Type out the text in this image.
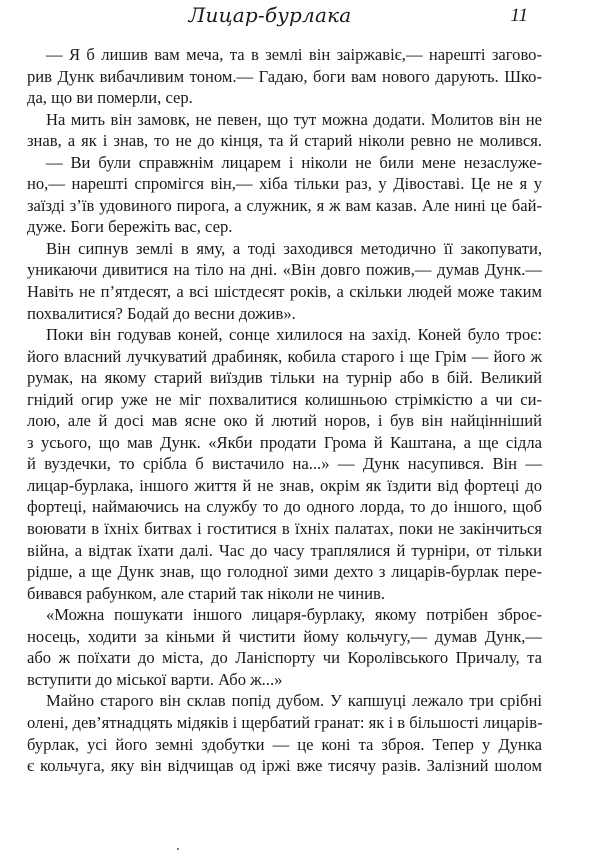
Лицар-бурлака	11
— Я б лишив вам меча, та в землі він заіржавіє,— нарешті загово-
рив Дунк вибачливим тоном.— Гадаю, боги вам нового дарують. Шко-
да, що ви померли, сер.
На мить він замовк, не певен, що тут можна додати. Молитов він не
знав, а як і знав, то не до кінця, та й старий ніколи ревно не молився.
— Ви були справжнім лицарем і ніколи не били мене незаслуже-
но,— нарешті спромігся він,— хіба тільки раз, у Дівоставі. Це не я у
заїзді з’їв удовиного пирога, а служник, я ж вам казав. Але нині це бай-
дуже. Боги бережіть вас, сер.
Він сипнув землі в яму, а тоді заходився методично її закопувати,
уникаючи дивитися на тіло на дні. «Він довго пожив,— думав Дунк.—
Навіть не п’ятдесят, а всі шістдесят років, а скільки людей може таким
похвалитися? Бодай до весни дожив».
Поки він годував коней, сонце хилилося на захід. Коней було троє:
його власний лучкуватий драбиняк, кобила старого і ще Грім — його ж
румак, на якому старий виїздив тільки на турнір або в бій. Великий
гнідий огир уже не міг похвалитися колишньою стрімкістю а чи си-
лою, але й досі мав ясне око й лютий норов, і був він найцінніший
з усього, що мав Дунк. «Якби продати Грома й Каштана, а ще сідла
й вуздечки, то срібла б вистачило на...» — Дунк насупився. Він —
лицар-бурлака, іншого життя й не знав, окрім як їздити від фортеці до
фортеці, наймаючись на службу то до одного лорда, то до іншого, щоб
воювати в їхніх битвах і гоститися в їхніх палатах, поки не закінчиться
війна, а відтак їхати далі. Час до часу траплялися й турніри, от тільки
рідше, а ще Дунк знав, що голодної зими дехто з лицарів-бурлак пере-
бивався рабунком, але старий так ніколи не чинив.
«Можна пошукати іншого лицаря-бурлаку, якому потрібен зброє-
носець, ходити за кіньми й чистити йому кольчугу,— думав Дунк,—
або ж поїхати до міста, до Ланіспорту чи Королівського Причалу, та
вступити до міської варти. Або ж...»
Майно старого він склав попід дубом. У капшуці лежало три срібні
олені, дев’ятнадцять мідяків і щербатий гранат: як і в більшості лицарів-
бурлак, усі його земні здобутки — це коні та зброя. Тепер у Дунка
є кольчуга, яку він відчищав од іржі вже тисячу разів. Залізний шолом
